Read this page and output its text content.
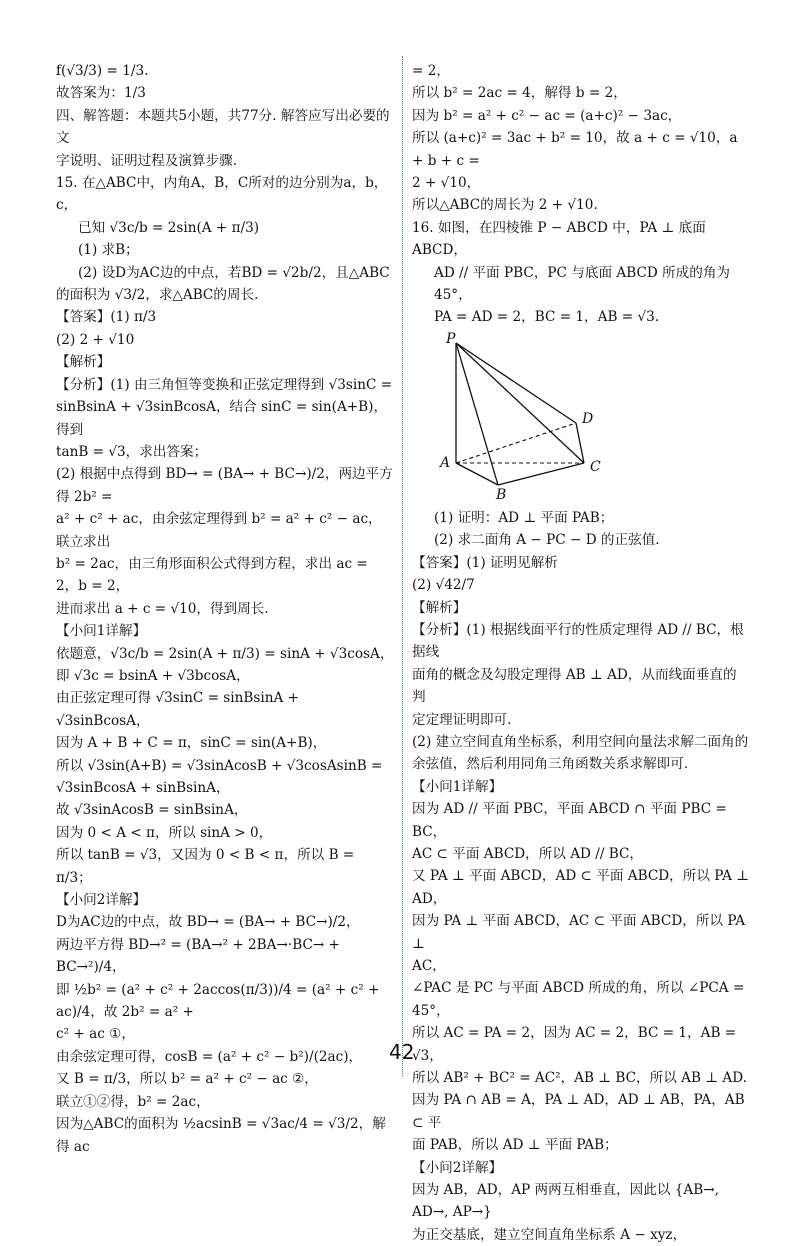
f(√3/3) = 1/3.

故答案为：1/3

四、解答题：本题共5小题，共77分. 解答应写出必要的文

字说明、证明过程及演算步骤.

15. 在△ABC中，内角A，B，C所对的边分别为a，b，c，

已知 √3c/b = 2sin(A + π/3)

(1) 求B；

(2) 设D为AC边的中点，若BD = √2b/2，且△ABC

的面积为 √3/2，求△ABC的周长.

【答案】(1) π/3

(2) 2 + √10

【解析】

【分析】(1) 由三角恒等变换和正弦定理得到 √3sinC =

sinBsinA + √3sinBcosA，结合 sinC = sin(A+B)，得到

tanB = √3，求出答案；

(2) 根据中点得到 BD→ = (BA→ + BC→)/2，两边平方得 2b² =

a² + c² + ac，由余弦定理得到 b² = a² + c² − ac，联立求出

b² = 2ac，由三角形面积公式得到方程，求出 ac = 2，b = 2，

进而求出 a + c = √10，得到周长.

【小问1详解】

依题意，√3c/b = 2sin(A + π/3) = sinA + √3cosA，

即 √3c = bsinA + √3bcosA，

由正弦定理可得 √3sinC = sinBsinA + √3sinBcosA，

因为 A + B + C = π，sinC = sin(A+B)，

所以 √3sin(A+B) = √3sinAcosB + √3cosAsinB =

√3sinBcosA + sinBsinA，

故 √3sinAcosB = sinBsinA，

因为 0 < A < π，所以 sinA > 0，

所以 tanB = √3，又因为 0 < B < π，所以 B = π/3；

【小问2详解】

D为AC边的中点，故 BD→ = (BA→ + BC→)/2，

两边平方得 BD→² = (BA→² + 2BA→·BC→ + BC→²)/4，

即 ½b² = (a² + c² + 2accos(π/3))/4 = (a² + c² + ac)/4，故 2b² = a² +

c² + ac ①，

由余弦定理可得，cosB = (a² + c² − b²)/(2ac)，

又 B = π/3，所以 b² = a² + c² − ac ②，

联立①②得，b² = 2ac，

因为△ABC的面积为 ½acsinB = √3ac/4 = √3/2，解得 ac

= 2，

所以 b² = 2ac = 4，解得 b = 2，

因为 b² = a² + c² − ac = (a+c)² − 3ac，

所以 (a+c)² = 3ac + b² = 10，故 a + c = √10，a + b + c =

2 + √10，

所以△ABC的周长为 2 + √10.

16. 如图，在四棱锥 P − ABCD 中，PA ⊥ 底面 ABCD，

AD // 平面 PBC，PC 与底面 ABCD 所成的角为 45°，

PA = AD = 2，BC = 1，AB = √3.

P
A
B
C
D

(1) 证明：AD ⊥ 平面 PAB；

(2) 求二面角 A − PC − D 的正弦值.

【答案】(1) 证明见解析

(2) √42/7

【解析】

【分析】(1) 根据线面平行的性质定理得 AD // BC，根据线

面角的概念及勾股定理得 AB ⊥ AD，从而线面垂直的判

定定理证明即可.

(2) 建立空间直角坐标系，利用空间向量法求解二面角的

余弦值，然后利用同角三角函数关系求解即可.

【小问1详解】

因为 AD // 平面 PBC，平面 ABCD ∩ 平面 PBC = BC，

AC ⊂ 平面 ABCD，所以 AD // BC，

又 PA ⊥ 平面 ABCD，AD ⊂ 平面 ABCD，所以 PA ⊥

AD，

因为 PA ⊥ 平面 ABCD，AC ⊂ 平面 ABCD，所以 PA ⊥

AC，

∠PAC 是 PC 与平面 ABCD 所成的角，所以 ∠PCA = 45°，

所以 AC = PA = 2，因为 AC = 2，BC = 1，AB = √3，

所以 AB² + BC² = AC²，AB ⊥ BC，所以 AB ⊥ AD.

因为 PA ∩ AB = A，PA ⊥ AD，AD ⊥ AB，PA，AB ⊂ 平

面 PAB，所以 AD ⊥ 平面 PAB；

【小问2详解】

因为 AB，AD，AP 两两互相垂直，因此以 {AB→, AD→, AP→}

为正交基底，建立空间直角坐标系 A − xyz，

42
